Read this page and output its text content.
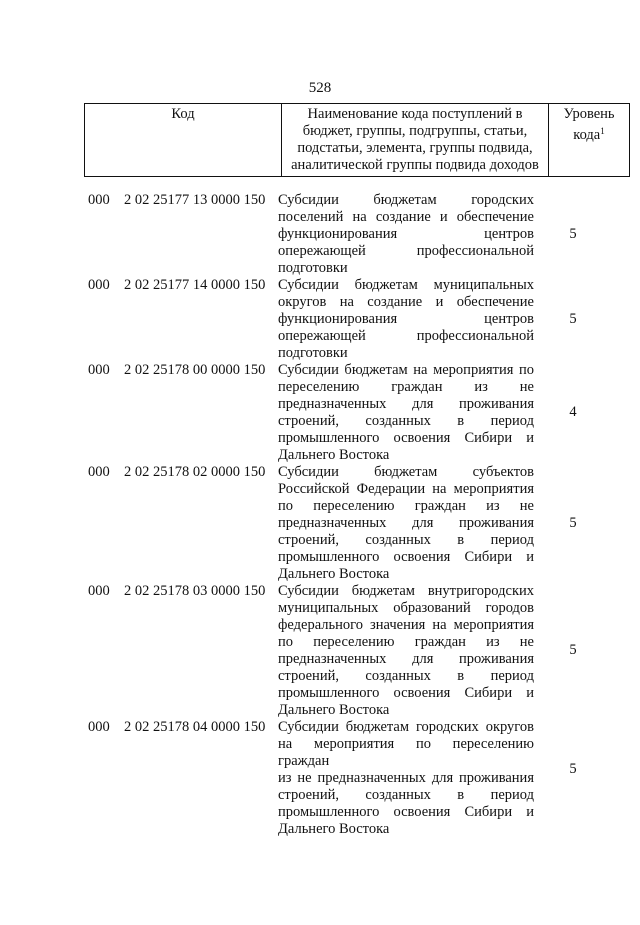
528
Код	Наименование кода поступлений в
бюджет, группы, подгруппы, статьи,
подстатьи, элемента, группы подвида,
аналитической группы подвида доходов

Уровень
кода$^1$
000 2 02 25177 13 0000 150 Субсидии бюджетам городских
поселений на создание и обеспечение
функционирования центров
опережающей профессиональной
подготовки
5
000 2 02 25177 14 0000 150 Субсидии бюджетам муниципальных
округов на создание и обеспечение
функционирования центров
опережающей профессиональной
подготовки
5
000 2 02 25178 00 0000 150 Субсидии бюджетам на мероприятия по
переселению граждан из не
предназначенных для проживания
строений, созданных в период
промышленного освоения Сибири и
Дальнего Востока
4
000 2 02 25178 02 0000 150 Субсидии бюджетам субъектов
Российской Федерации на мероприятия
по переселению граждан из не
предназначенных для проживания
строений, созданных в период
промышленного освоения Сибири и
Дальнего Востока
5
000 2 02 25178 03 0000 150 Субсидии бюджетам внутригородских
муниципальных образований городов
федерального значения на мероприятия
по переселению граждан из не
предназначенных для проживания
строений, созданных в период
промышленного освоения Сибири и
Дальнего Востока
5
000 2 02 25178 04 0000 150 Субсидии бюджетам городских округов
на мероприятия по переселению граждан
из не предназначенных для проживания
строений, созданных в период
промышленного освоения Сибири и
Дальнего Востока
5
